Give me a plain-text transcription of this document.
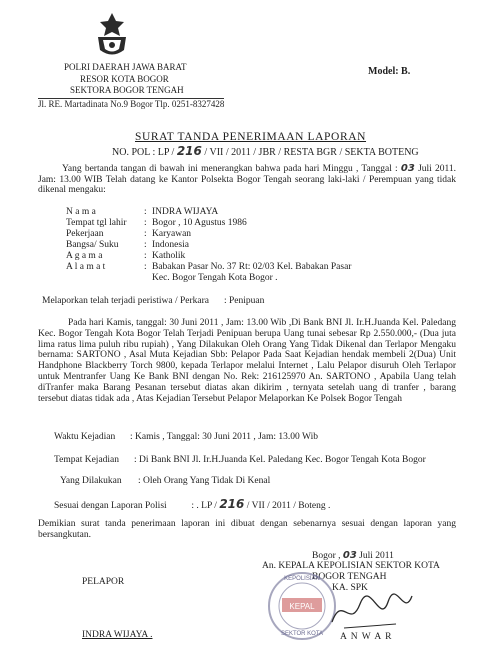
POLRI DAERAH JAWA BARAT
RESOR KOTA BOGOR
SEKTORA BOGOR TENGAH
Jl. RE. Martadinata No.9 Bogor Tlp. 0251-8327428
Model: B.
SURAT TANDA PENERIMAAN LAPORAN
NO. POL : LP / 216 / VII / 2011 / JBR / RESTA BGR / SEKTA BOTENG
Yang bertanda tangan di bawah ini menerangkan bahwa pada hari Minggu , Tanggal : 03 Juli 2011. Jam: 13.00 WIB Telah datang ke Kantor Polsekta Bogor Tengah seorang laki-laki / Perempuan yang tidak dikenal mengaku:
N a m a	: INDRA WIJAYA
Tempat tgl lahir : Bogor , 10 Agustus 1986
Pekerjaan	: Karyawan
Bangsa/ Suku	: Indonesia
A g a m a	: Katholik
A l a m a t	: Babakan Pasar No. 37 Rt: 02/03 Kel. Babakan Pasar
Kec. Bogor Tengah Kota Bogor .
Melaporkan telah terjadi peristiwa / Perkara : Penipuan
Pada hari Kamis, tanggal: 30 Juni 2011 , Jam: 13.00 Wib ,Di Bank BNI Jl. Ir.H.Juanda Kel. Paledang Kec. Bogor Tengah Kota Bogor Telah Terjadi Penipuan berupa Uang tunai sebesar Rp 2.550.000,- (Dua juta lima ratus lima puluh ribu rupiah) , Yang Dilakukan Oleh Orang Yang Tidak Dikenal dan Terlapor Mengaku bernama: SARTONO , Asal Muta Kejadian Sbb: Pelapor Pada Saat Kejadian hendak membeli 2(Dua) Unit Handphone Blackberry Torch 9800, kepada Terlapor melalui Internet , Lalu Pelapor disuruh Oleh Terlapor untuk Mentranfer Uang Ke Bank BNI dengan No. Rek: 216125970 An. SARTONO , Apabila Uang telah diTranfer maka Barang Pesanan tersebut diatas akan dikirim , ternyata setelah uang di tranfer , barang tersebut diatas tidak ada , Atas Kejadian Tersebut Pelapor Melaporkan Ke Polsek Bogor Tengah
Waktu Kejadian : Kamis , Tanggal: 30 Juni 2011 , Jam: 13.00 Wib
Tempat Kejadian : Di Bank BNI Jl. Ir.H.Juanda Kel. Paledang Kec. Bogor Tengah Kota Bogor
Yang Dilakukan : Oleh Orang Yang Tidak Di Kenal
Sesuai dengan Laporan Polisi	: . LP / 216 / VII / 2011 / Boteng .
Demikian surat tanda penerimaan laporan ini dibuat dengan sebenarnya sesuai dengan laporan yang bersangkutan.
Bogor , 03 Juli 2011
An. KEPALA KEPOLISIAN SEKTOR KOTA
BOGOR TENGAH
KA. SPK
KEPAL
KEPOLISIAN
SEKTOR KOTA A N W A R
PELAPOR
INDRA WIJAYA .
